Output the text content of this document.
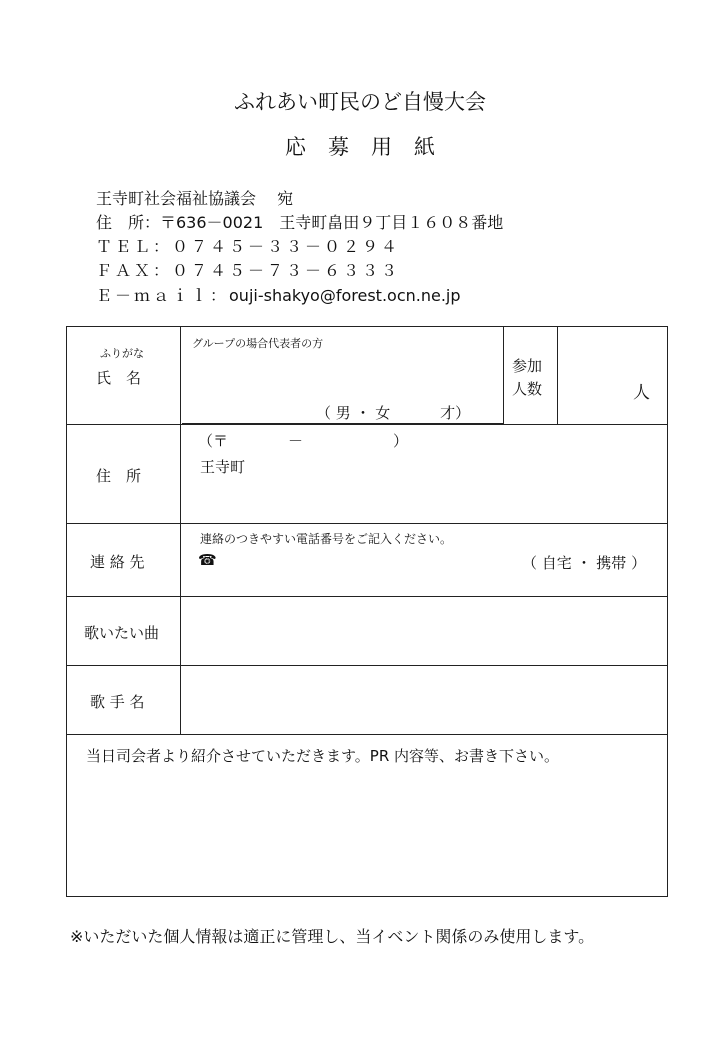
ふれあい町民のど自慢大会
応募用紙
王寺町社会福祉協議会　 宛
住　所：〒636－0021　王寺町畠田９丁目１６０８番地
ＴＥＬ：０７４５－３３－０２９４
ＦＡＸ：０７４５－７３－６３３３
Ｅ－ｍａｉｌ：ouji-shakyo@forest.ocn.ne.jp
ふりがな
氏　名
グループの場合代表者の方
（ 男 ・ 女　　　 才）
参加
人数	人
住　所
（〒　　　　－　　　　　　）
王寺町
連 絡 先
連絡のつきやすい電話番号をご記入ください。
☎	（ 自宅 ・ 携帯 ）
歌いたい曲
歌 手 名
当日司会者より紹介させていただきます。PR 内容等、お書き下さい。
※いただいた個人情報は適正に管理し、当イベント関係のみ使用します。
